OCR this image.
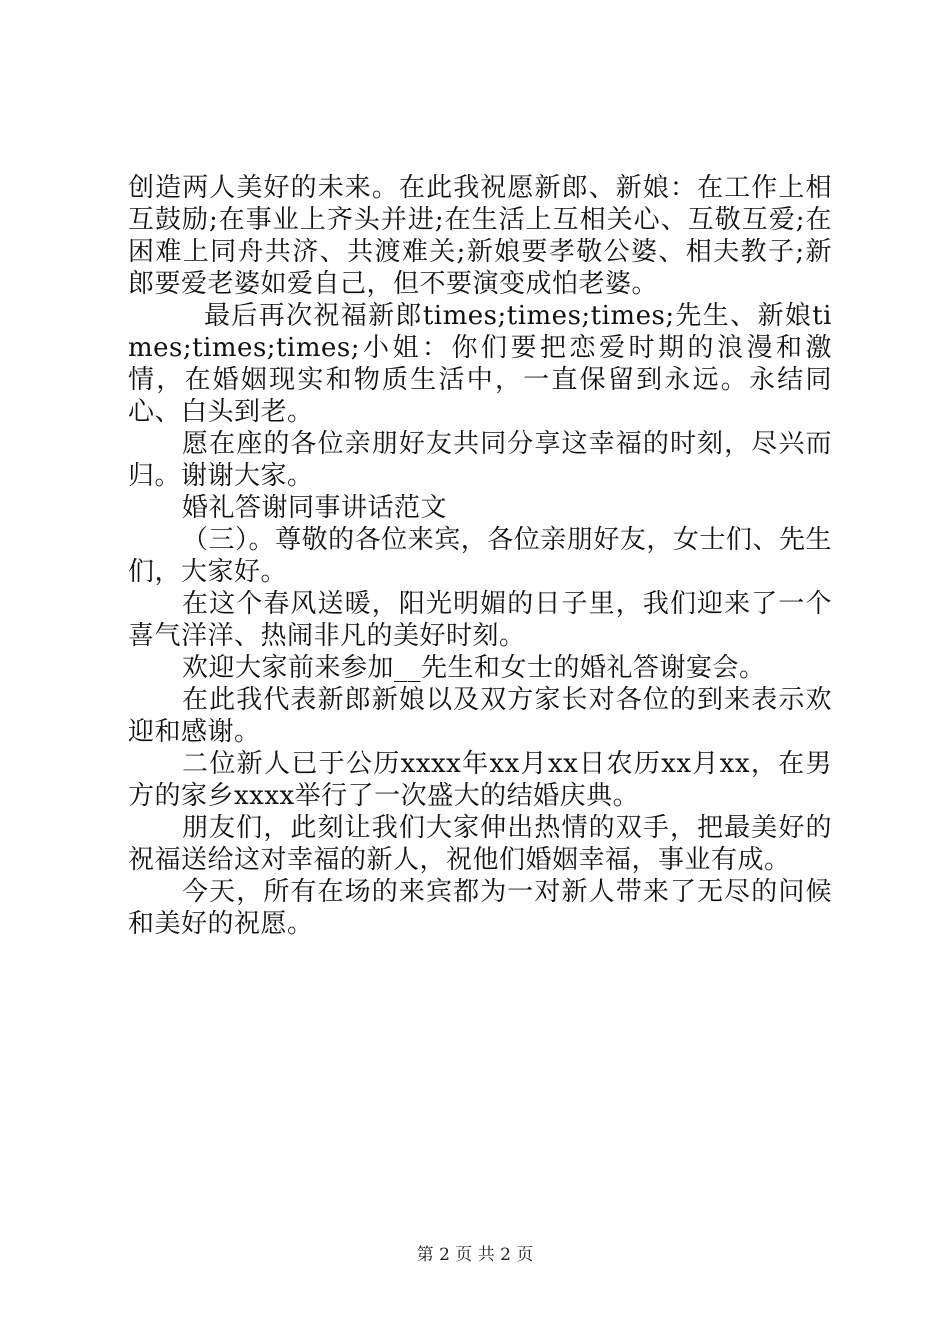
创造两人美好的未来。在此我祝愿新郎、新娘：在工作上相互鼓励;在事业上齐头并进;在生活上互相关心、互敬互爱;在困难上同舟共济、共渡难关;新娘要孝敬公婆、相夫教子;新郎要爱老婆如爱自己，但不要演变成怕老婆。

最后再次祝福新郎times;times;times;先生、新娘times;times;times;小姐：你们要把恋爱时期的浪漫和激情，在婚姻现实和物质生活中，一直保留到永远。永结同心、白头到老。

愿在座的各位亲朋好友共同分享这幸福的时刻，尽兴而归。谢谢大家。

婚礼答谢同事讲话范文

（三）。尊敬的各位来宾，各位亲朋好友，女士们、先生们，大家好。

在这个春风送暖，阳光明媚的日子里，我们迎来了一个喜气洋洋、热闹非凡的美好时刻。

欢迎大家前来参加__先生和女士的婚礼答谢宴会。

在此我代表新郎新娘以及双方家长对各位的到来表示欢迎和感谢。

二位新人已于公历xxxx年xx月xx日农历xx月xx，在男方的家乡xxxx举行了一次盛大的结婚庆典。

朋友们，此刻让我们大家伸出热情的双手，把最美好的祝福送给这对幸福的新人，祝他们婚姻幸福，事业有成。

今天，所有在场的来宾都为一对新人带来了无尽的问候和美好的祝愿。

第 2 页 共 2 页
